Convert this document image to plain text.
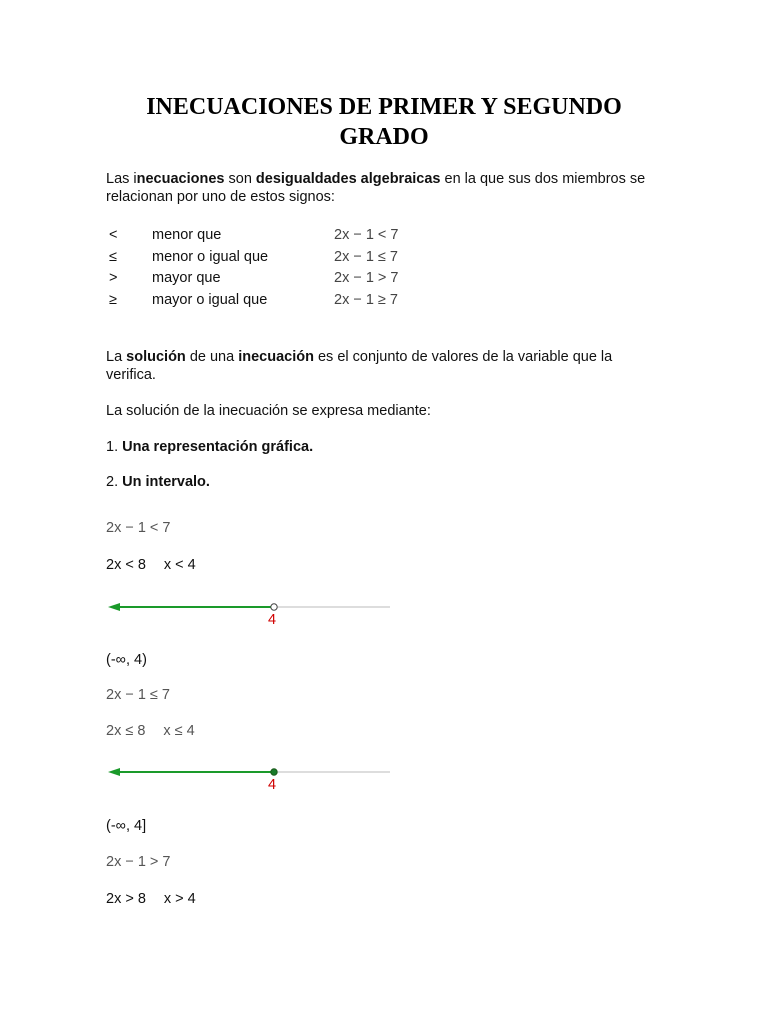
INECUACIONES DE PRIMER Y SEGUNDO GRADO
Las inecuaciones son desigualdades algebraicas en la que sus dos miembros se relacionan por uno de estos signos:
< menor que	2x − 1 < 7
≤ menor o igual que	2x − 1 ≤ 7
> mayor que	2x − 1 > 7
≥ mayor o igual que	2x − 1 ≥ 7
La solución de una inecuación es el conjunto de valores de la variable que la verifica.
La solución de la inecuación se expresa mediante:
1. Una representación gráfica.
2. Un intervalo.
2x − 1 < 7
2x < 8 x < 4
4
(-∞, 4)
2x − 1 ≤ 7
2x ≤ 8 x ≤ 4
4
(-∞, 4]
2x − 1 > 7
2x > 8 x > 4
